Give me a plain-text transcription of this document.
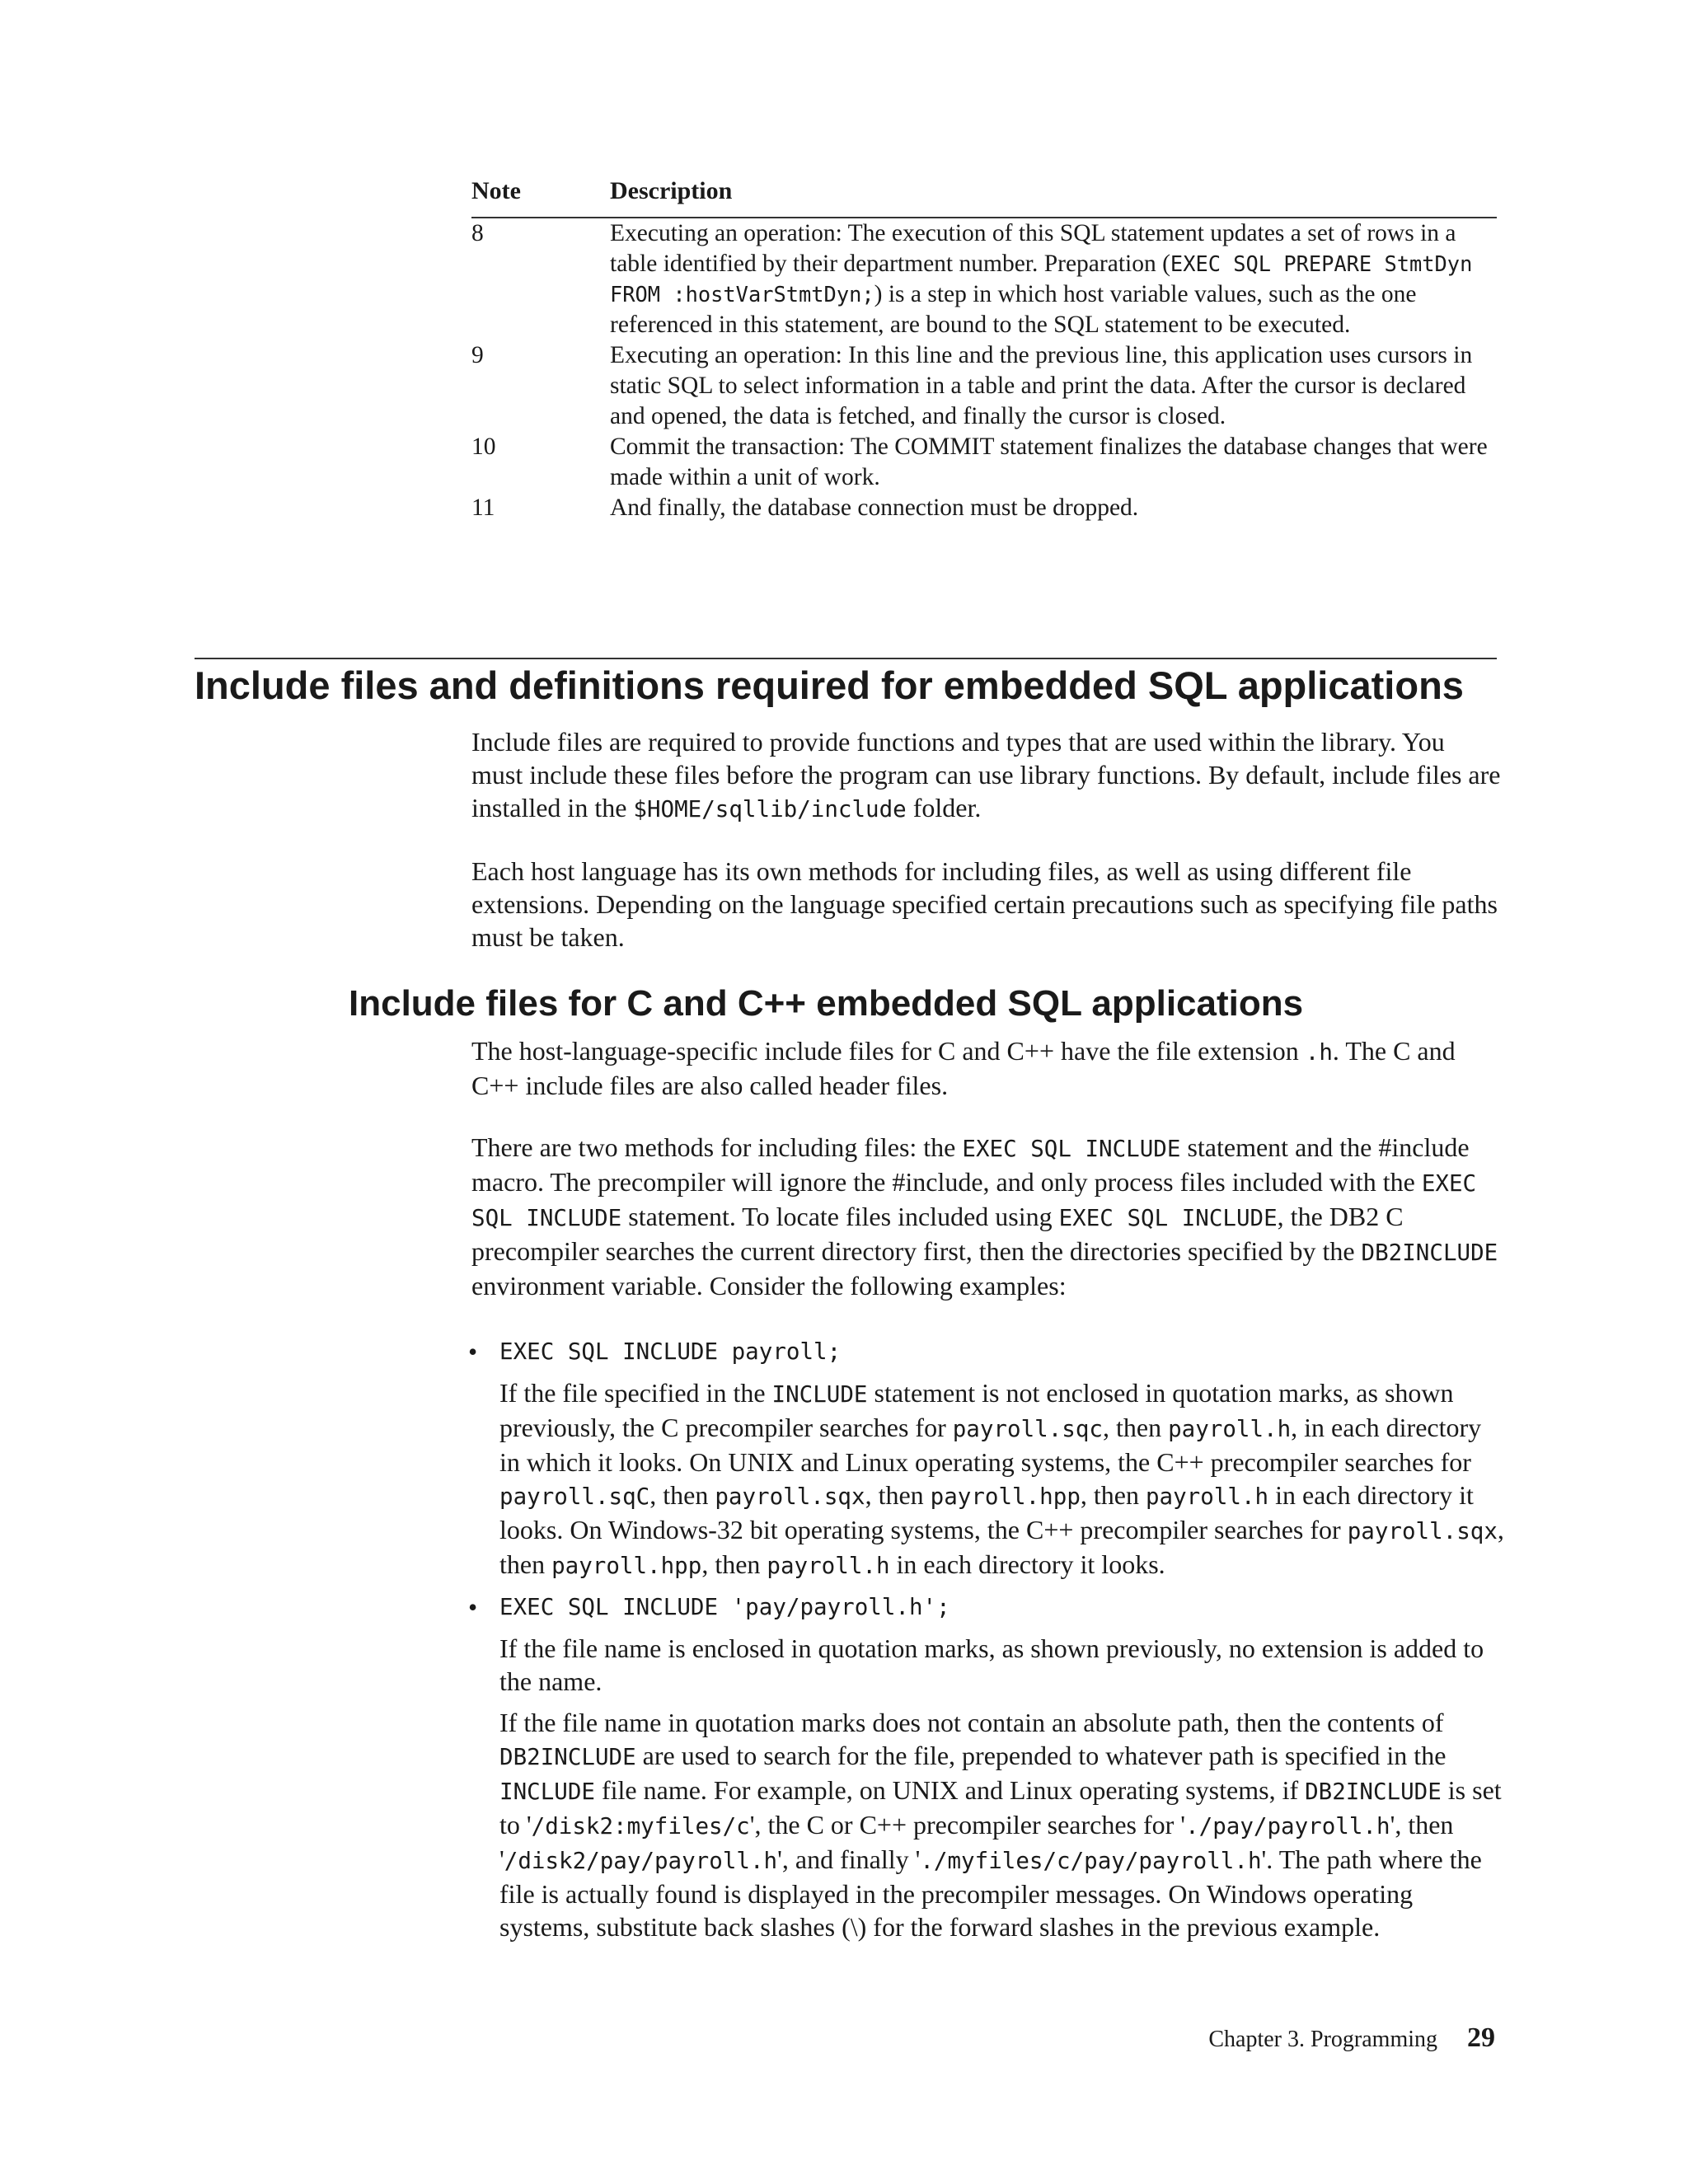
Note	Description
8	Executing an operation: The execution of this SQL statement updates a set of rows in a table identified by their department number. Preparation (EXEC SQL PREPARE StmtDyn FROM :hostVarStmtDyn;) is a step in which host variable values, such as the one referenced in this statement, are bound to the SQL statement to be executed.
9	Executing an operation: In this line and the previous line, this application uses cursors in static SQL to select information in a table and print the data. After the cursor is declared and opened, the data is fetched, and finally the cursor is closed.
10	Commit the transaction: The COMMIT statement finalizes the database changes that were made within a unit of work.
11	And finally, the database connection must be dropped.
Include files and definitions required for embedded SQL applications

Include files are required to provide functions and types that are used within the library. You must include these files before the program can use library functions. By default, include files are installed in the $HOME/sqllib/include folder.

Each host language has its own methods for including files, as well as using different file extensions. Depending on the language specified certain precautions such as specifying file paths must be taken.

Include files for C and C++ embedded SQL applications

The host-language-specific include files for C and C++ have the file extension .h. The C and C++ include files are also called header files.

There are two methods for including files: the EXEC SQL INCLUDE statement and the #include macro. The precompiler will ignore the #include, and only process files included with the EXEC SQL INCLUDE statement. To locate files included using EXEC SQL INCLUDE, the DB2 C precompiler searches the current directory first, then the directories specified by the DB2INCLUDE environment variable. Consider the following examples:

• EXEC SQL INCLUDE payroll;

If the file specified in the INCLUDE statement is not enclosed in quotation marks, as shown previously, the C precompiler searches for payroll.sqc, then payroll.h, in each directory in which it looks. On UNIX and Linux operating systems, the C++ precompiler searches for payroll.sqC, then payroll.sqx, then payroll.hpp, then payroll.h in each directory it looks. On Windows-32 bit operating systems, the C++ precompiler searches for payroll.sqx, then payroll.hpp, then payroll.h in each directory it looks.

• EXEC SQL INCLUDE 'pay/payroll.h';

If the file name is enclosed in quotation marks, as shown previously, no extension is added to the name.

If the file name in quotation marks does not contain an absolute path, then the contents of DB2INCLUDE are used to search for the file, prepended to whatever path is specified in the INCLUDE file name. For example, on UNIX and Linux operating systems, if DB2INCLUDE is set to '/disk2:myfiles/c', the C or C++ precompiler searches for './pay/payroll.h', then '/disk2/pay/payroll.h', and finally './myfiles/c/pay/payroll.h'. The path where the file is actually found is displayed in the precompiler messages. On Windows operating systems, substitute back slashes (\) for the forward slashes in the previous example.

Chapter 3. Programming 29
